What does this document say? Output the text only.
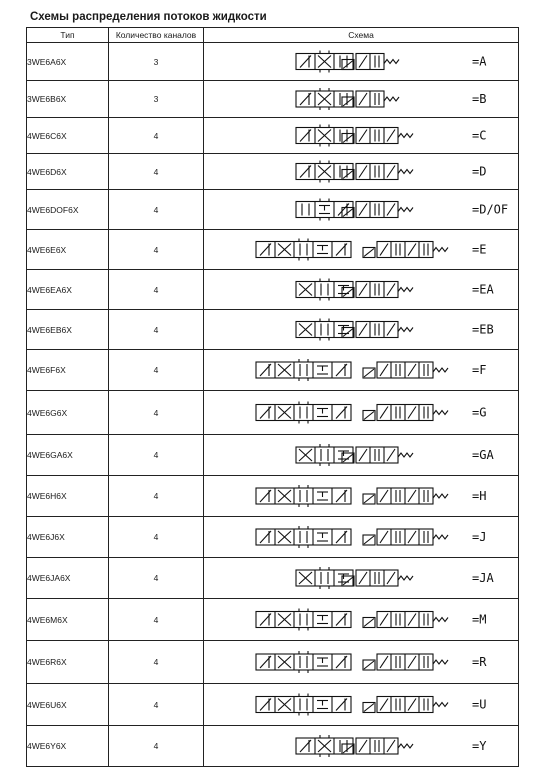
Схемы распределения потоков жидкости
Тип	Количество каналов	Схема
3WE6A6X	3	=A

3WE6B6X	3	=B

4WE6C6X	4	=C

4WE6D6X	4	=D

4WE6DOF6X	4	=D/OF

4WE6E6X	4	=E

4WE6EA6X	4	=EA

4WE6EB6X	4	=EB

4WE6F6X	4	=F

4WE6G6X	4	=G

4WE6GA6X	4	=GA

4WE6H6X	4	=H

4WE6J6X	4	=J

4WE6JA6X	4	=JA

4WE6M6X	4	=M

4WE6R6X	4	=R

4WE6U6X	4	=U

4WE6Y6X	4	=Y
